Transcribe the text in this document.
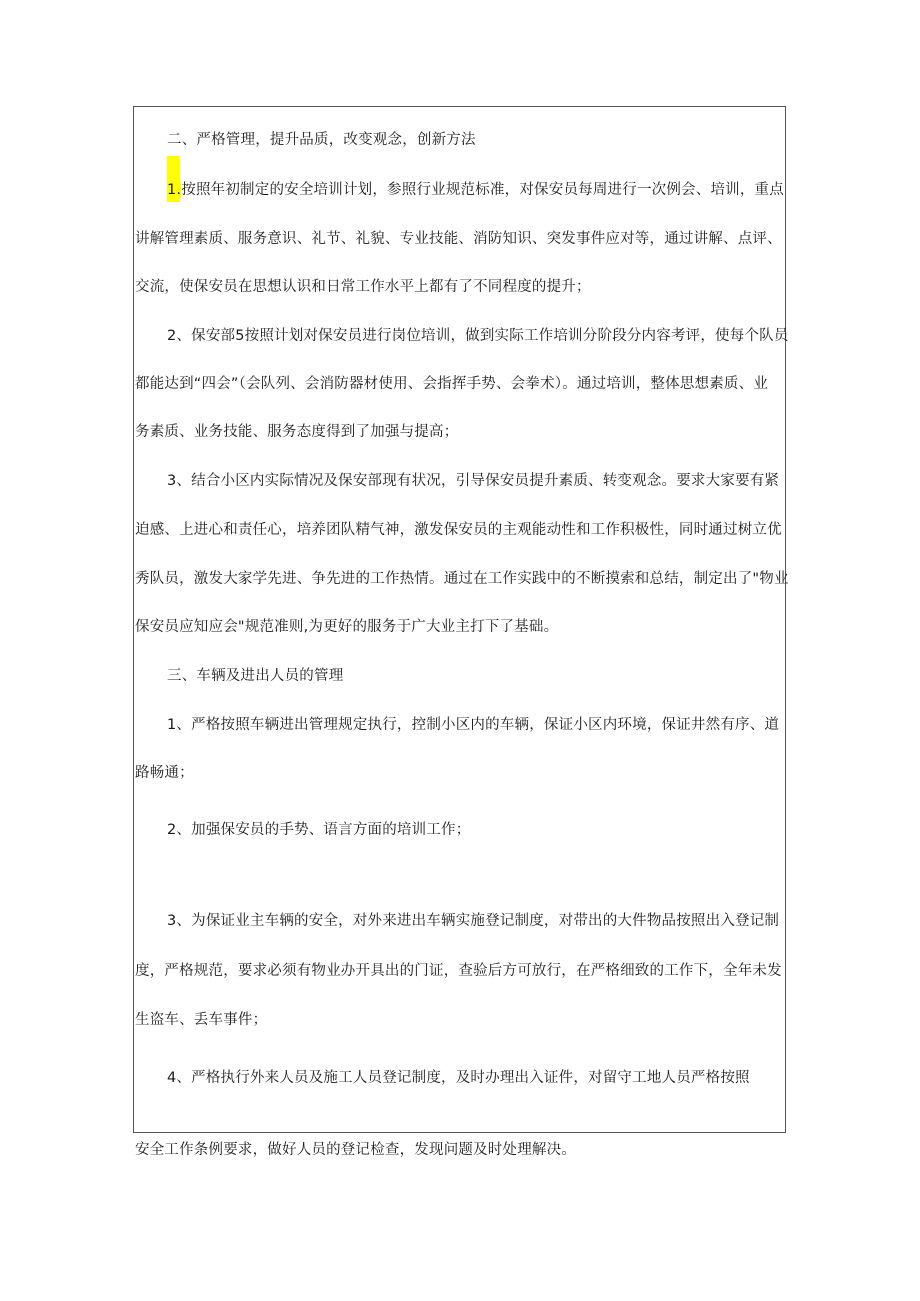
二、严格管理，提升品质，改变观念，创新方法
1.按照年初制定的安全培训计划，参照行业规范标准，对保安员每周进行一次例会、培训，重点
讲解管理素质、服务意识、礼节、礼貌、专业技能、消防知识、突发事件应对等，通过讲解、点评、
交流，使保安员在思想认识和日常工作水平上都有了不同程度的提升；
2、保安部5按照计划对保安员进行岗位培训，做到实际工作培训分阶段分内容考评，使每个队员
都能达到“四会”（会队列、会消防器材使用、会指挥手势、会拳术）。通过培训，整体思想素质、业
务素质、业务技能、服务态度得到了加强与提高；
3、结合小区内实际情况及保安部现有状况，引导保安员提升素质、转变观念。要求大家要有紧
迫感、上进心和责任心，培养团队精气神，激发保安员的主观能动性和工作积极性，同时通过树立优
秀队员，激发大家学先进、争先进的工作热情。通过在工作实践中的不断摸索和总结，制定出了"物业
保安员应知应会"规范准则,为更好的服务于广大业主打下了基础。
三、车辆及进出人员的管理
1、严格按照车辆进出管理规定执行，控制小区内的车辆，保证小区内环境，保证井然有序、道
路畅通；
2、加强保安员的手势、语言方面的培训工作；
3、为保证业主车辆的安全，对外来进出车辆实施登记制度，对带出的大件物品按照出入登记制
度，严格规范，要求必须有物业办开具出的门证，查验后方可放行，在严格细致的工作下，全年未发
生盗车、丢车事件；
4、严格执行外来人员及施工人员登记制度，及时办理出入证件，对留守工地人员严格按照
安全工作条例要求，做好人员的登记检查，发现问题及时处理解决。
